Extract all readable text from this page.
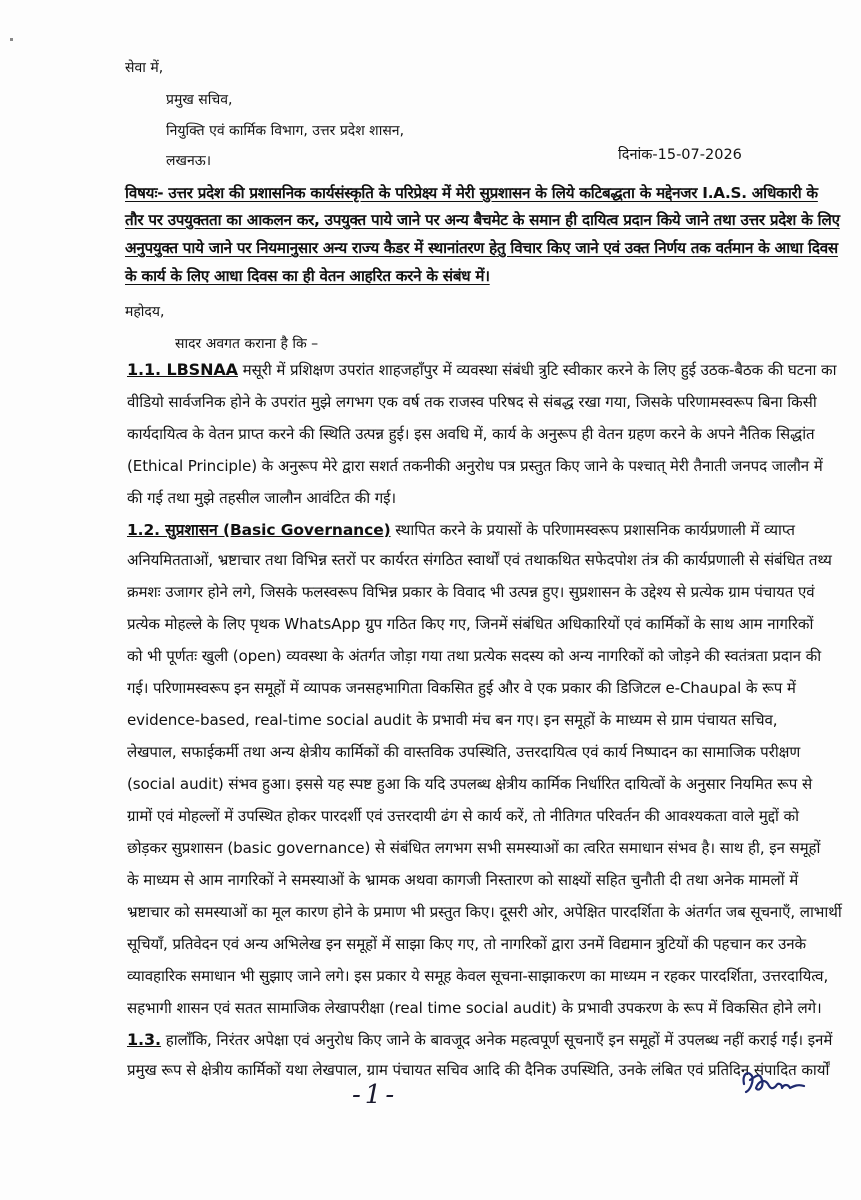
सेवा में,
प्रमुख सचिव,
नियुक्ति एवं कार्मिक विभाग, उत्तर प्रदेश शासन,
लखनऊ।	दिनांक-15-07-2026
विषयः- उत्तर प्रदेश की प्रशासनिक कार्यसंस्कृति के परिप्रेक्ष्य में मेरी सुप्रशासन के लिये कटिबद्धता के मद्देनजर I.A.S. अधिकारी के
तौर पर उपयुक्तता का आकलन कर, उपयुक्त पाये जाने पर अन्य बैचमेट के समान ही दायित्व प्रदान किये जाने तथा उत्तर प्रदेश के लिए
अनुपयुक्त पाये जाने पर नियमानुसार अन्य राज्य कैडर में स्थानांतरण हेतु विचार किए जाने एवं उक्त निर्णय तक वर्तमान के आधा दिवस
के कार्य के लिए आधा दिवस का ही वेतन आहरित करने के संबंध में।
महोदय,
सादर अवगत कराना है कि –
1.1. LBSNAA मसूरी में प्रशिक्षण उपरांत शाहजहाँपुर में व्यवस्था संबंधी त्रुटि स्वीकार करने के लिए हुई उठक-बैठक की घटना का
वीडियो सार्वजनिक होने के उपरांत मुझे लगभग एक वर्ष तक राजस्व परिषद से संबद्ध रखा गया, जिसके परिणामस्वरूप बिना किसी
कार्यदायित्व के वेतन प्राप्त करने की स्थिति उत्पन्न हुई। इस अवधि में, कार्य के अनुरूप ही वेतन ग्रहण करने के अपने नैतिक सिद्धांत
(Ethical Principle) के अनुरूप मेरे द्वारा सशर्त तकनीकी अनुरोध पत्र प्रस्तुत किए जाने के पश्चात् मेरी तैनाती जनपद जालौन में
की गई तथा मुझे तहसील जालौन आवंटित की गई।
1.2. सुप्रशासन (Basic Governance) स्थापित करने के प्रयासों के परिणामस्वरूप प्रशासनिक कार्यप्रणाली में व्याप्त
अनियमितताओं, भ्रष्टाचार तथा विभिन्न स्तरों पर कार्यरत संगठित स्वार्थों एवं तथाकथित सफेदपोश तंत्र की कार्यप्रणाली से संबंधित तथ्य
क्रमशः उजागर होने लगे, जिसके फलस्वरूप विभिन्न प्रकार के विवाद भी उत्पन्न हुए। सुप्रशासन के उद्देश्य से प्रत्येक ग्राम पंचायत एवं
प्रत्येक मोहल्ले के लिए पृथक WhatsApp ग्रुप गठित किए गए, जिनमें संबंधित अधिकारियों एवं कार्मिकों के साथ आम नागरिकों
को भी पूर्णतः खुली (open) व्यवस्था के अंतर्गत जोड़ा गया तथा प्रत्येक सदस्य को अन्य नागरिकों को जोड़ने की स्वतंत्रता प्रदान की
गई। परिणामस्वरूप इन समूहों में व्यापक जनसहभागिता विकसित हुई और वे एक प्रकार की डिजिटल e-Chaupal के रूप में
evidence-based, real-time social audit के प्रभावी मंच बन गए। इन समूहों के माध्यम से ग्राम पंचायत सचिव,
लेखपाल, सफाईकर्मी तथा अन्य क्षेत्रीय कार्मिकों की वास्तविक उपस्थिति, उत्तरदायित्व एवं कार्य निष्पादन का सामाजिक परीक्षण
(social audit) संभव हुआ। इससे यह स्पष्ट हुआ कि यदि उपलब्ध क्षेत्रीय कार्मिक निर्धारित दायित्वों के अनुसार नियमित रूप से
ग्रामों एवं मोहल्लों में उपस्थित होकर पारदर्शी एवं उत्तरदायी ढंग से कार्य करें, तो नीतिगत परिवर्तन की आवश्यकता वाले मुद्दों को
छोड़कर सुप्रशासन (basic governance) से संबंधित लगभग सभी समस्याओं का त्वरित समाधान संभव है। साथ ही, इन समूहों
के माध्यम से आम नागरिकों ने समस्याओं के भ्रामक अथवा कागजी निस्तारण को साक्ष्यों सहित चुनौती दी तथा अनेक मामलों में
भ्रष्टाचार को समस्याओं का मूल कारण होने के प्रमाण भी प्रस्तुत किए। दूसरी ओर, अपेक्षित पारदर्शिता के अंतर्गत जब सूचनाएँ, लाभार्थी
सूचियाँ, प्रतिवेदन एवं अन्य अभिलेख इन समूहों में साझा किए गए, तो नागरिकों द्वारा उनमें विद्यमान त्रुटियों की पहचान कर उनके
व्यावहारिक समाधान भी सुझाए जाने लगे। इस प्रकार ये समूह केवल सूचना-साझाकरण का माध्यम न रहकर पारदर्शिता, उत्तरदायित्व,
सहभागी शासन एवं सतत सामाजिक लेखापरीक्षा (real time social audit) के प्रभावी उपकरण के रूप में विकसित होने लगे।
1.3. हालाँकि, निरंतर अपेक्षा एवं अनुरोध किए जाने के बावजूद अनेक महत्वपूर्ण सूचनाएँ इन समूहों में उपलब्ध नहीं कराई गईं। इनमें
प्रमुख रूप से क्षेत्रीय कार्मिकों यथा लेखपाल, ग्राम पंचायत सचिव आदि की दैनिक उपस्थिति, उनके लंबित एवं प्रतिदिन संपादित कार्यों
-1-
